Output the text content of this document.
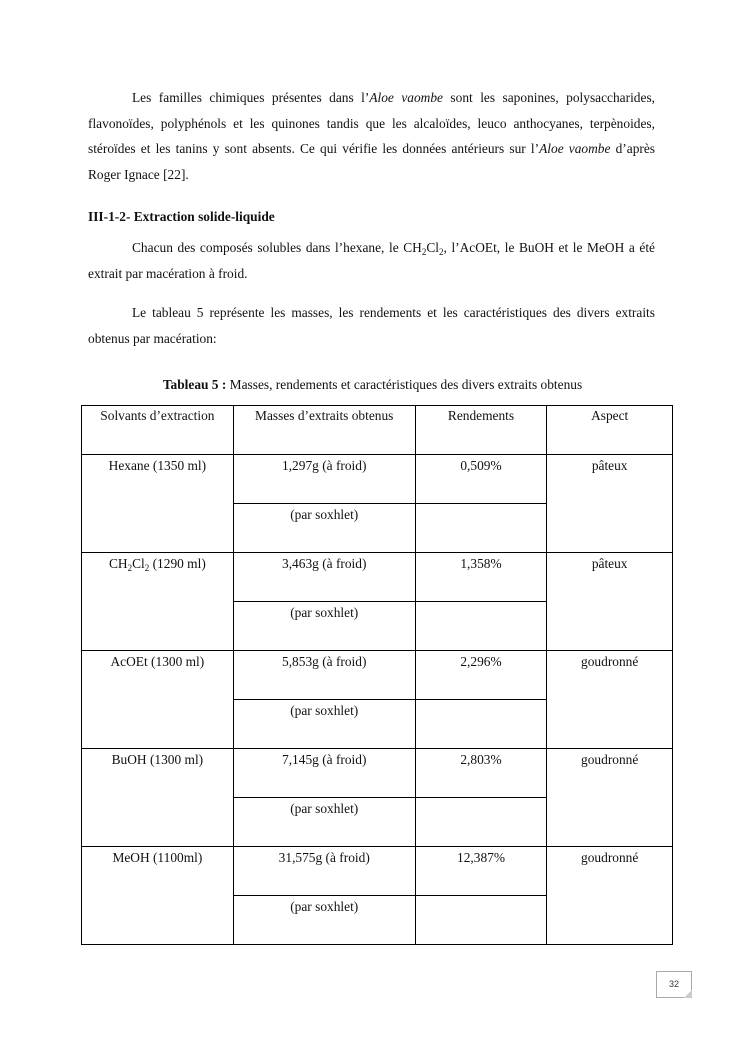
Les familles chimiques présentes dans l’Aloe vaombe sont les saponines, polysaccharides, flavonoïdes, polyphénols et les quinones tandis que les alcaloïdes, leuco anthocyanes, terpènoides, stéroïdes et les tanins y sont absents. Ce qui vérifie les données antérieurs sur l’Aloe vaombe d’après Roger Ignace [22].

III-1-2- Extraction solide-liquide

Chacun des composés solubles dans l’hexane, le $CH_2Cl_2$, l’AcOEt, le BuOH et le MeOH a été extrait par macération à froid.

Le tableau 5 représente les masses, les rendements et les caractéristiques des divers extraits obtenus par macération:

Tableau 5 : Masses, rendements et caractéristiques des divers extraits obtenus

Solvants d’extraction	Masses d’extraits obtenus	Rendements	Aspect
Hexane (1350 ml)	1,297g (à froid)	0,509%	pâteux
	(par soxhlet)		
$CH_2Cl_2$ (1290 ml)	3,463g (à froid)	1,358%	pâteux
	(par soxhlet)		
AcOEt (1300 ml)	5,853g (à froid)	2,296%	goudronné
	(par soxhlet)		
BuOH (1300 ml)	7,145g (à froid)	2,803%	goudronné
	(par soxhlet)		
MeOH (1100ml)	31,575g (à froid)	12,387%	goudronné
	(par soxhlet)		
32
